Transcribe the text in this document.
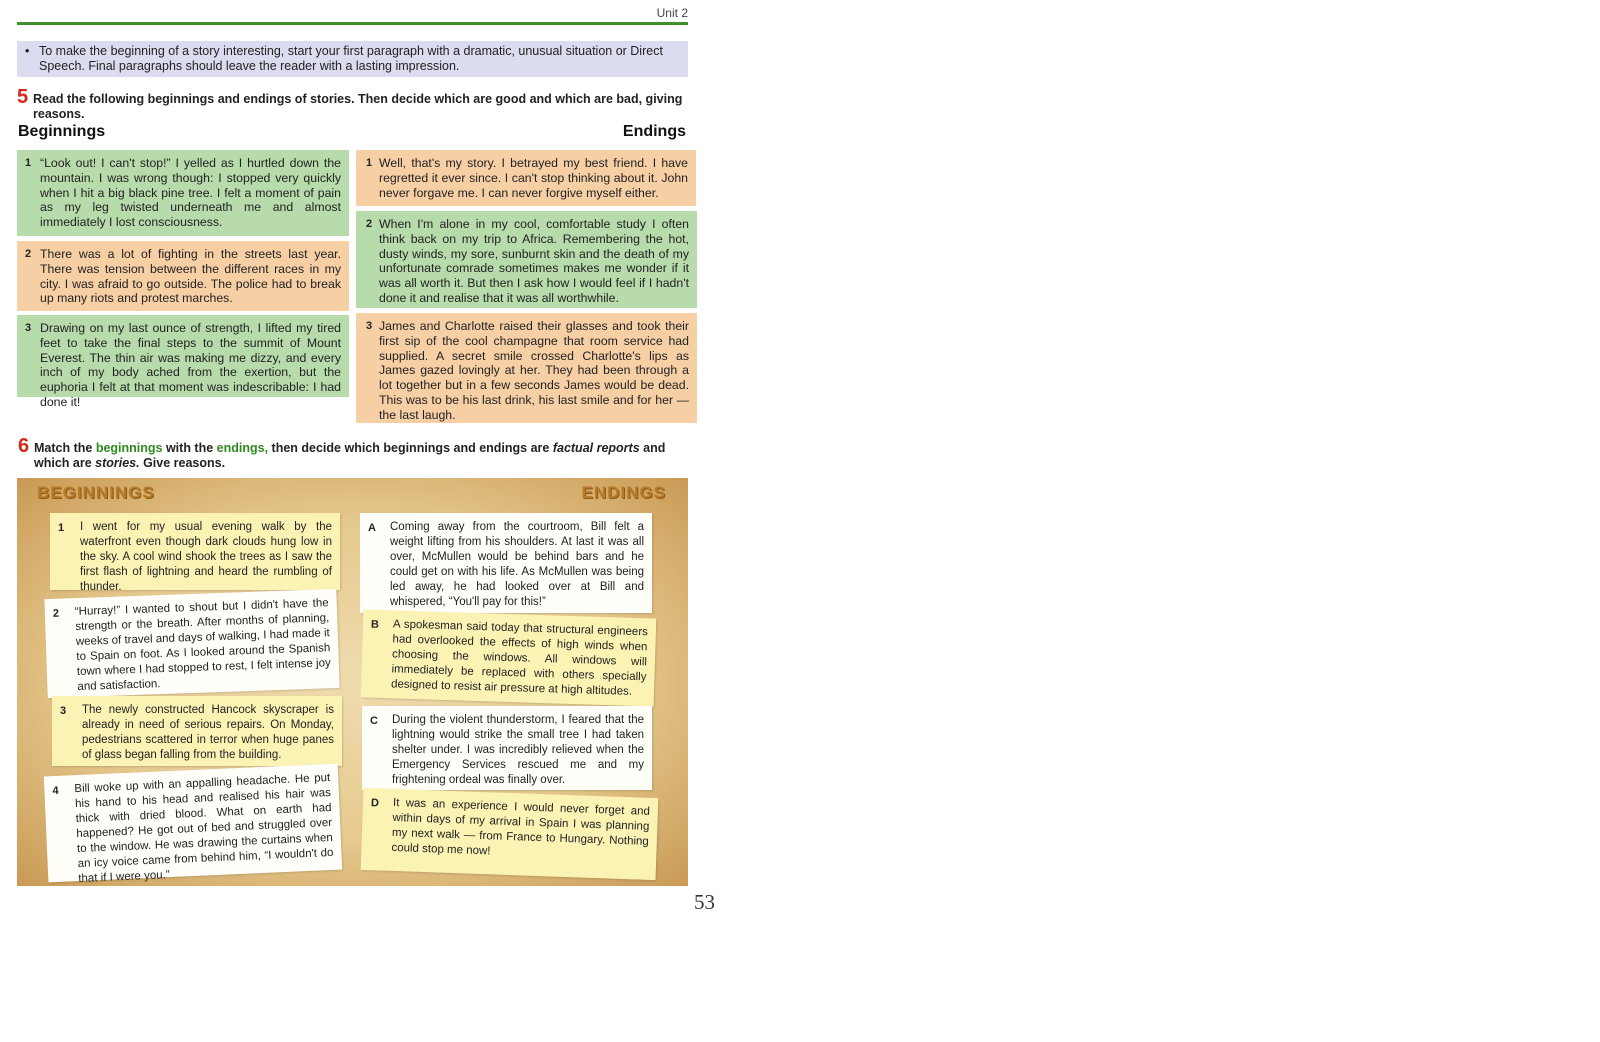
Unit 2
• To make the beginning of a story interesting, start your first paragraph with a dramatic, unusual situation or Direct Speech. Final paragraphs should leave the reader with a lasting impression.
5 Read the following beginnings and endings of stories. Then decide which are good and which are bad, giving reasons.
Beginnings	Endings
1 “Look out! I can't stop!” I yelled as I hurtled down the mountain. I was wrong though: I stopped very quickly when I hit a big black pine tree. I felt a moment of pain as my leg twisted underneath me and almost immediately I lost consciousness.
2 There was a lot of fighting in the streets last year. There was tension between the different races in my city. I was afraid to go outside. The police had to break up many riots and protest marches.
3 Drawing on my last ounce of strength, I lifted my tired feet to take the final steps to the summit of Mount Everest. The thin air was making me dizzy, and every inch of my body ached from the exertion, but the euphoria I felt at that moment was indescribable: I had done it!
1 Well, that's my story. I betrayed my best friend. I have regretted it ever since. I can't stop thinking about it. John never forgave me. I can never forgive myself either.
2 When I'm alone in my cool, comfortable study I often think back on my trip to Africa. Remembering the hot, dusty winds, my sore, sunburnt skin and the death of my unfortunate comrade sometimes makes me wonder if it was all worth it. But then I ask how I would feel if I hadn't done it and realise that it was all worthwhile.
3 James and Charlotte raised their glasses and took their first sip of the cool champagne that room service had supplied. A secret smile crossed Charlotte's lips as James gazed lovingly at her. They had been through a lot together but in a few seconds James would be dead. This was to be his last drink, his last smile and for her — the last laugh.
6 Match the beginnings with the endings, then decide which beginnings and endings are factual reports and which are stories. Give reasons.
BEGINNINGS	ENDINGS
1 I went for my usual evening walk by the waterfront even though dark clouds hung low in the sky. A cool wind shook the trees as I saw the first flash of lightning and heard the rumbling of thunder.
2 “Hurray!” I wanted to shout but I didn't have the strength or the breath. After months of planning, weeks of travel and days of walking, I had made it to Spain on foot. As I looked around the Spanish town where I had stopped to rest, I felt intense joy and satisfaction.
3 The newly constructed Hancock skyscraper is already in need of serious repairs. On Monday, pedestrians scattered in terror when huge panes of glass began falling from the building.
4 Bill woke up with an appalling headache. He put his hand to his head and realised his hair was thick with dried blood. What on earth had happened? He got out of bed and struggled over to the window. He was drawing the curtains when an icy voice came from behind him, “I wouldn't do that if I were you.”
A Coming away from the courtroom, Bill felt a weight lifting from his shoulders. At last it was all over, McMullen would be behind bars and he could get on with his life. As McMullen was being led away, he had looked over at Bill and whispered, “You'll pay for this!”
B A spokesman said today that structural engineers had overlooked the effects of high winds when choosing the windows. All windows will immediately be replaced with others specially designed to resist air pressure at high altitudes.
C During the violent thunderstorm, I feared that the lightning would strike the small tree I had taken shelter under. I was incredibly relieved when the Emergency Services rescued me and my frightening ordeal was finally over.
D It was an experience I would never forget and within days of my arrival in Spain I was planning my next walk — from France to Hungary. Nothing could stop me now!
53
